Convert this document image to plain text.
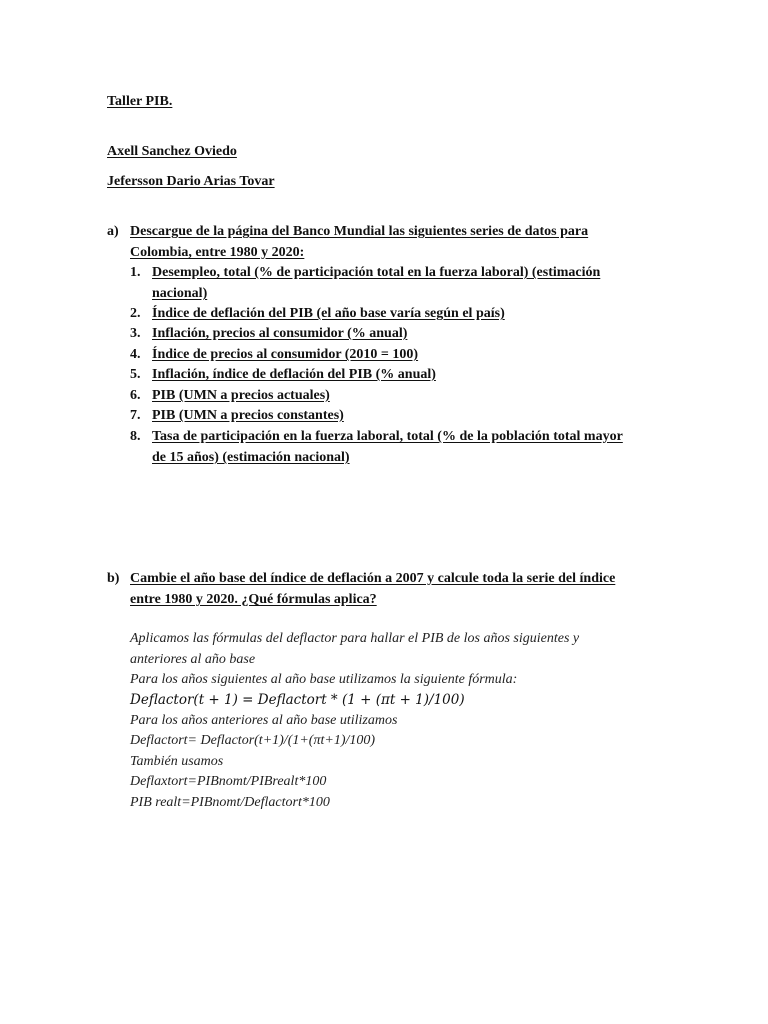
Taller PIB.
Axell Sanchez Oviedo
Jefersson Dario Arias Tovar
a) Descargue de la página del Banco Mundial las siguientes series de datos para
Colombia, entre 1980 y 2020:
1. Desempleo, total (% de participación total en la fuerza laboral) (estimación
nacional)
2. Índice de deflación del PIB (el año base varía según el país)
3. Inflación, precios al consumidor (% anual)
4. Índice de precios al consumidor (2010 = 100)
5. Inflación, índice de deflación del PIB (% anual)
6. PIB (UMN a precios actuales)
7. PIB (UMN a precios constantes)
8. Tasa de participación en la fuerza laboral, total (% de la población total mayor
de 15 años) (estimación nacional)
b) Cambie el año base del índice de deflación a 2007 y calcule toda la serie del índice
entre 1980 y 2020. ¿Qué fórmulas aplica?
Aplicamos las fórmulas del deflactor para hallar el PIB de los años siguientes y
anteriores al año base
Para los años siguientes al año base utilizamos la siguiente fórmula:
Deflactor(t + 1) = Deflactort * (1 + (πt + 1)/100)
Para los años anteriores al año base utilizamos
Deflactort= Deflactor(t+1)/(1+(πt+1)/100)
También usamos
Deflaxtort=PIBnomt/PIBrealt*100
PIB realt=PIBnomt/Deflactort*100
